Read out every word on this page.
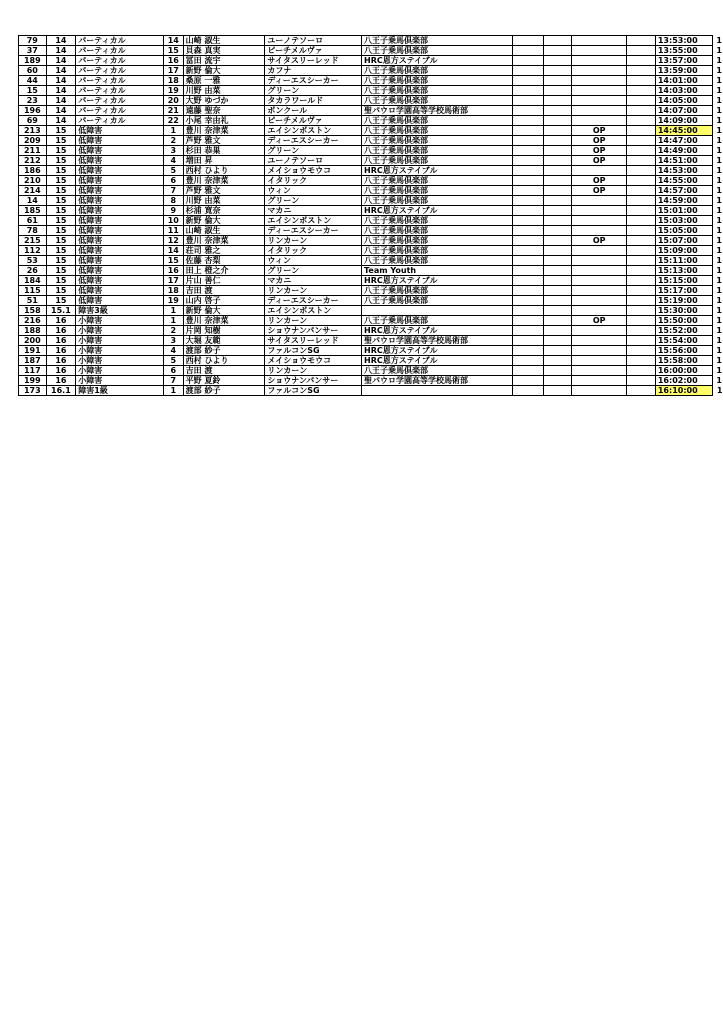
79	14	パーティカル	14	山崎 淑生	ユーノテソーロ	八王子乗馬倶楽部					13:53:00	1
37	14	パーティカル	15	貝森 真実	ピーチメルヴァ	八王子乗馬倶楽部					13:55:00	1
189	14	パーティカル	16	冨田 流宇	サイタスリーレッド	HRC恩方ステイブル					13:57:00	1
60	14	パーティカル	17	新野 倫大	カフナ	八王子乗馬倶楽部					13:59:00	1
44	14	パーティカル	18	桑原 一雅	ディーエスシーカー	八王子乗馬倶楽部					14:01:00	1
15	14	パーティカル	19	川野 由菜	グリーン	八王子乗馬倶楽部					14:03:00	1
23	14	パーティカル	20	大野 ゆづか	タカラワールド	八王子乗馬倶楽部					14:05:00	1
196	14	パーティカル	21	遠藤 聖奈	ボンクール	聖パウロ学園高等学校馬術部					14:07:00	1
69	14	パーティカル	22	小尾 幸由礼	ピーチメルヴァ	八王子乗馬倶楽部					14:09:00	1
213	15	低障害	1	豊川 奈津菜	エイシンボストン	八王子乗馬倶楽部			OP		14:45:00	1
209	15	低障害	2	芦野 雅文	ディーエスシーカー	八王子乗馬倶楽部			OP		14:47:00	1
211	15	低障害	3	杉田 恭巣	グリーン	八王子乗馬倶楽部			OP		14:49:00	1
212	15	低障害	4	増田 昇	ユーノテソーロ	八王子乗馬倶楽部			OP		14:51:00	1
186	15	低障害	5	西村 ひより	メイショウモウコ	HRC恩方ステイブル					14:53:00	1
210	15	低障害	6	豊川 奈津菜	イタリック	八王子乗馬倶楽部			OP		14:55:00	1
214	15	低障害	7	芦野 雅文	ウィン	八王子乗馬倶楽部			OP		14:57:00	1
14	15	低障害	8	川野 由菜	グリーン	八王子乗馬倶楽部					14:59:00	1
185	15	低障害	9	杉浦 寛奈	マカニ	HRC恩方ステイブル					15:01:00	1
61	15	低障害	10	新野 倫大	エイシンボストン	八王子乗馬倶楽部					15:03:00	1
78	15	低障害	11	山崎 淑生	ディーエスシーカー	八王子乗馬倶楽部					15:05:00	1
215	15	低障害	12	豊川 奈津菜	リンカーン	八王子乗馬倶楽部			OP		15:07:00	1
112	15	低障害	14	荘司 雅之	イタリック	八王子乗馬倶楽部					15:09:00	1
53	15	低障害	15	佐藤 杏梨	ウィン	八王子乗馬倶楽部					15:11:00	1
26	15	低障害	16	田上 橙之介	グリーン	Team Youth					15:13:00	1
184	15	低障害	17	片山 善仁	マカニ	HRC恩方ステイブル					15:15:00	1
115	15	低障害	18	吉田 渡	リンカーン	八王子乗馬倶楽部					15:17:00	1
51	15	低障害	19	山内 啓子	ディーエスシーカー	八王子乗馬倶楽部					15:19:00	1
158	15.1	障害3級	1	新野 倫大	エイシンボストン						15:30:00	1
216	16	小障害	1	豊川 奈津菜	リンカーン	八王子乗馬倶楽部			OP		15:50:00	1
188	16	小障害	2	片岡 知樹	ショウナンパンサー	HRC恩方ステイブル					15:52:00	1
200	16	小障害	3	大堀 友範	サイタスリーレッド	聖パウロ学園高等学校馬術部					15:54:00	1
191	16	小障害	4	渡部 紗子	ファルコンSG	HRC恩方ステイブル					15:56:00	1
187	16	小障害	5	西村 ひより	メイショウモウコ	HRC恩方ステイブル					15:58:00	1
117	16	小障害	6	吉田 渡	リンカーン	八王子乗馬倶楽部					16:00:00	1
199	16	小障害	7	平野 夏鈴	ショウナンパンサー	聖パウロ学園高等学校馬術部					16:02:00	1
173	16.1	障害1級	1	渡部 紗子	ファルコンSG						16:10:00	1
